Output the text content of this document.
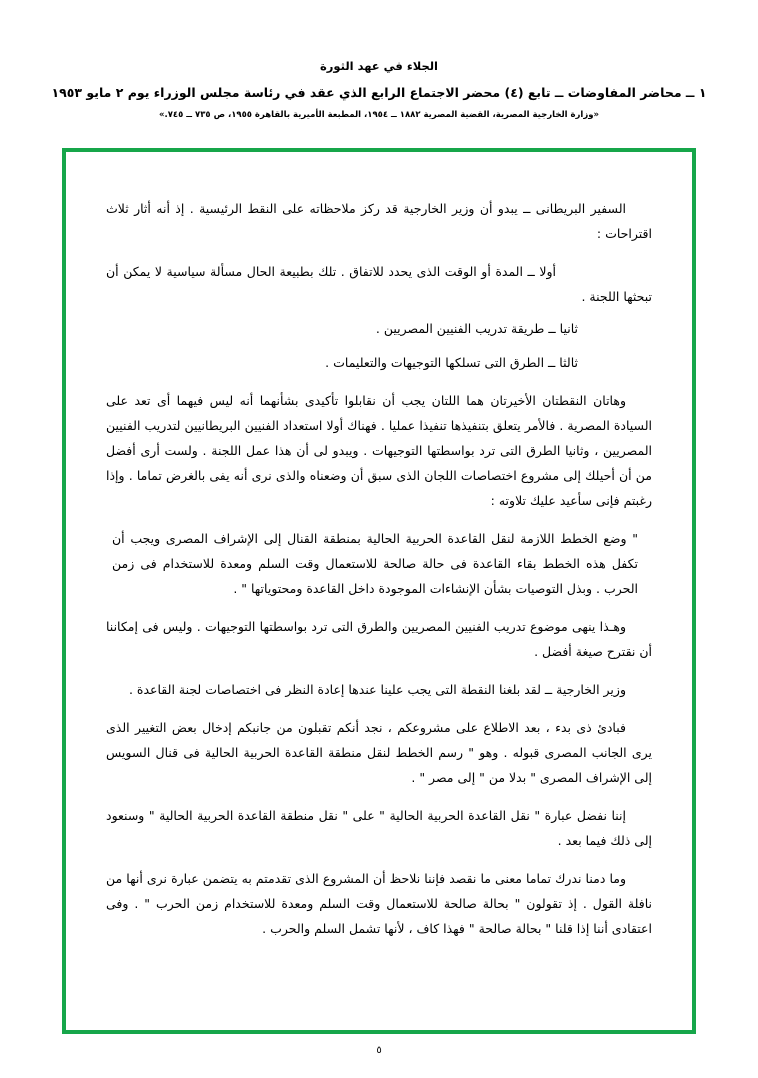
الجلاء في عهد الثورة
١ ــ محاضر المفاوضات ــ تابع (٤) محضر الاجتماع الرابع الذي عقد في رئاسة مجلس الوزراء يوم ٢ مايو ١٩٥٣
«وزارة الخارجية المصرية، القضية المصرية ١٨٨٢ ــ ١٩٥٤، المطبعة الأميرية بالقاهرة ١٩٥٥، ص ٧٣٥ ــ ٧٤٥.»

السفير البريطانى ــ يبدو أن وزير الخارجية قد ركز ملاحظاته على النقط الرئيسية . إذ أنه أثار ثلاث اقتراحات :

أولا ــ المدة أو الوقت الذى يحدد للاتفاق . تلك بطبيعة الحال مسألة سياسية لا يمكن أن تبحثها اللجنة .

ثانيا ــ طريقة تدريب الفنيين المصريين .

ثالثا ــ الطرق التى تسلكها التوجيهات والتعليمات .

وهاتان النقطتان الأخيرتان هما اللتان يجب أن نقابلوا تأكيدى بشأنهما أنه ليس فيهما أى تعد على السيادة المصرية . فالأمر يتعلق بتنفيذها تنفيذا عمليا . فهناك أولا استعداد الفنيين البريطانيين لتدريب الفنيين المصريين ، وثانيا الطرق التى ترد بواسطتها التوجيهات . ويبدو لى أن هذا عمل اللجنة . ولست أرى أفضل من أن أحيلك إلى مشروع اختصاصات اللجان الذى سبق أن وضعناه والذى نرى أنه يفى بالغرض تماما . وإذا رغبتم فإنى سأعيد عليك تلاوته :

" وضع الخطط اللازمة لنقل القاعدة الحربية الحالية بمنطقة القنال إلى الإشراف المصرى ويجب أن تكفل هذه الخطط بقاء القاعدة فى حالة صالحة للاستعمال وقت السلم ومعدة للاستخدام فى زمن الحرب . وبذل التوصيات بشأن الإنشاءات الموجودة داخل القاعدة ومحتوياتها " .

وهـذا ينهى موضوع تدريب الفنيين المصريين والطرق التى ترد بواسطتها التوجيهات . وليس فى إمكاننا أن نقترح صيغة أفضل .

وزير الخارجية ــ لقد بلغنا النقطة التى يجب علينا عندها إعادة النظر فى اختصاصات لجنة القاعدة .

فبادئ ذى بدء ، بعد الاطلاع على مشروعكم ، نجد أنكم تقبلون من جانبكم إدخال بعض التغيير الذى يرى الجانب المصرى قبوله . وهو " رسم الخطط لنقل منطقة القاعدة الحربية الحالية فى قنال السويس إلى الإشراف المصرى " بدلا من " إلى مصر " .

إننا نفضل عبارة " نقل القاعدة الحربية الحالية " على " نقل منطقة القاعدة الحربية الحالية " وسنعود إلى ذلك فيما بعد .

وما دمنا ندرك تماما معنى ما نقصد فإننا نلاحظ أن المشروع الذى تقدمتم به يتضمن عبارة نرى أنها من نافلة القول . إذ تقولون " بحالة صالحة للاستعمال وقت السلم ومعدة للاستخدام زمن الحرب " . وفى اعتقادى أننا إذا قلنا " بحالة صالحة " فهذا كاف ، لأنها تشمل السلم والحرب .

٥
